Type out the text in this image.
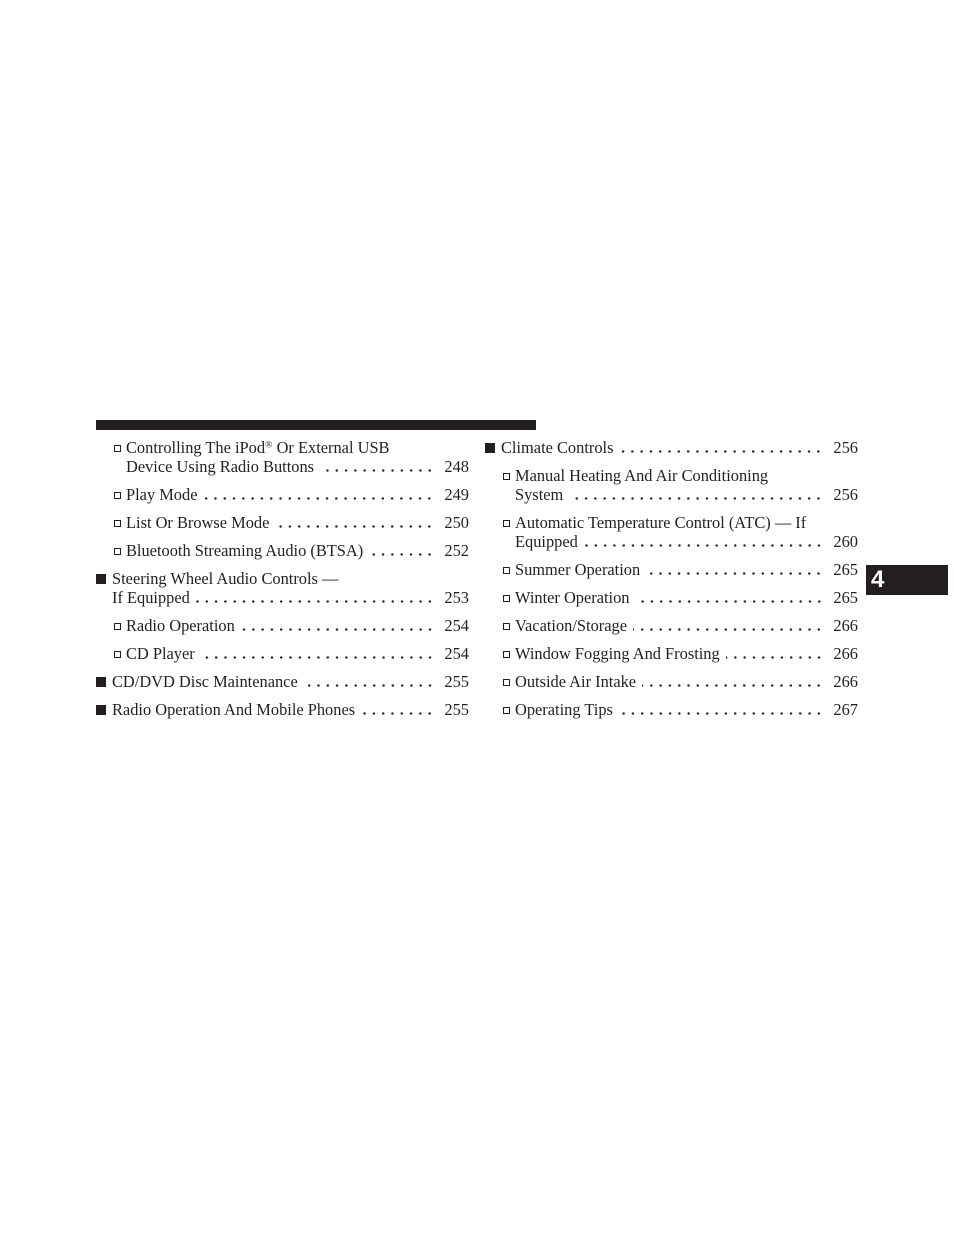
4
Controlling The iPod® Or External USB
Device Using Radio Buttons	248
Play Mode	249
List Or Browse Mode	250
Bluetooth Streaming Audio (BTSA)	252
Steering Wheel Audio Controls —
If Equipped	253
Radio Operation	254
CD Player	254
CD/DVD Disc Maintenance	255
Radio Operation And Mobile Phones	255
Climate Controls	256
Manual Heating And Air Conditioning
System	256
Automatic Temperature Control (ATC) — If
Equipped	260
Summer Operation	265
Winter Operation	265
Vacation/Storage	266
Window Fogging And Frosting	266
Outside Air Intake	266
Operating Tips	267
